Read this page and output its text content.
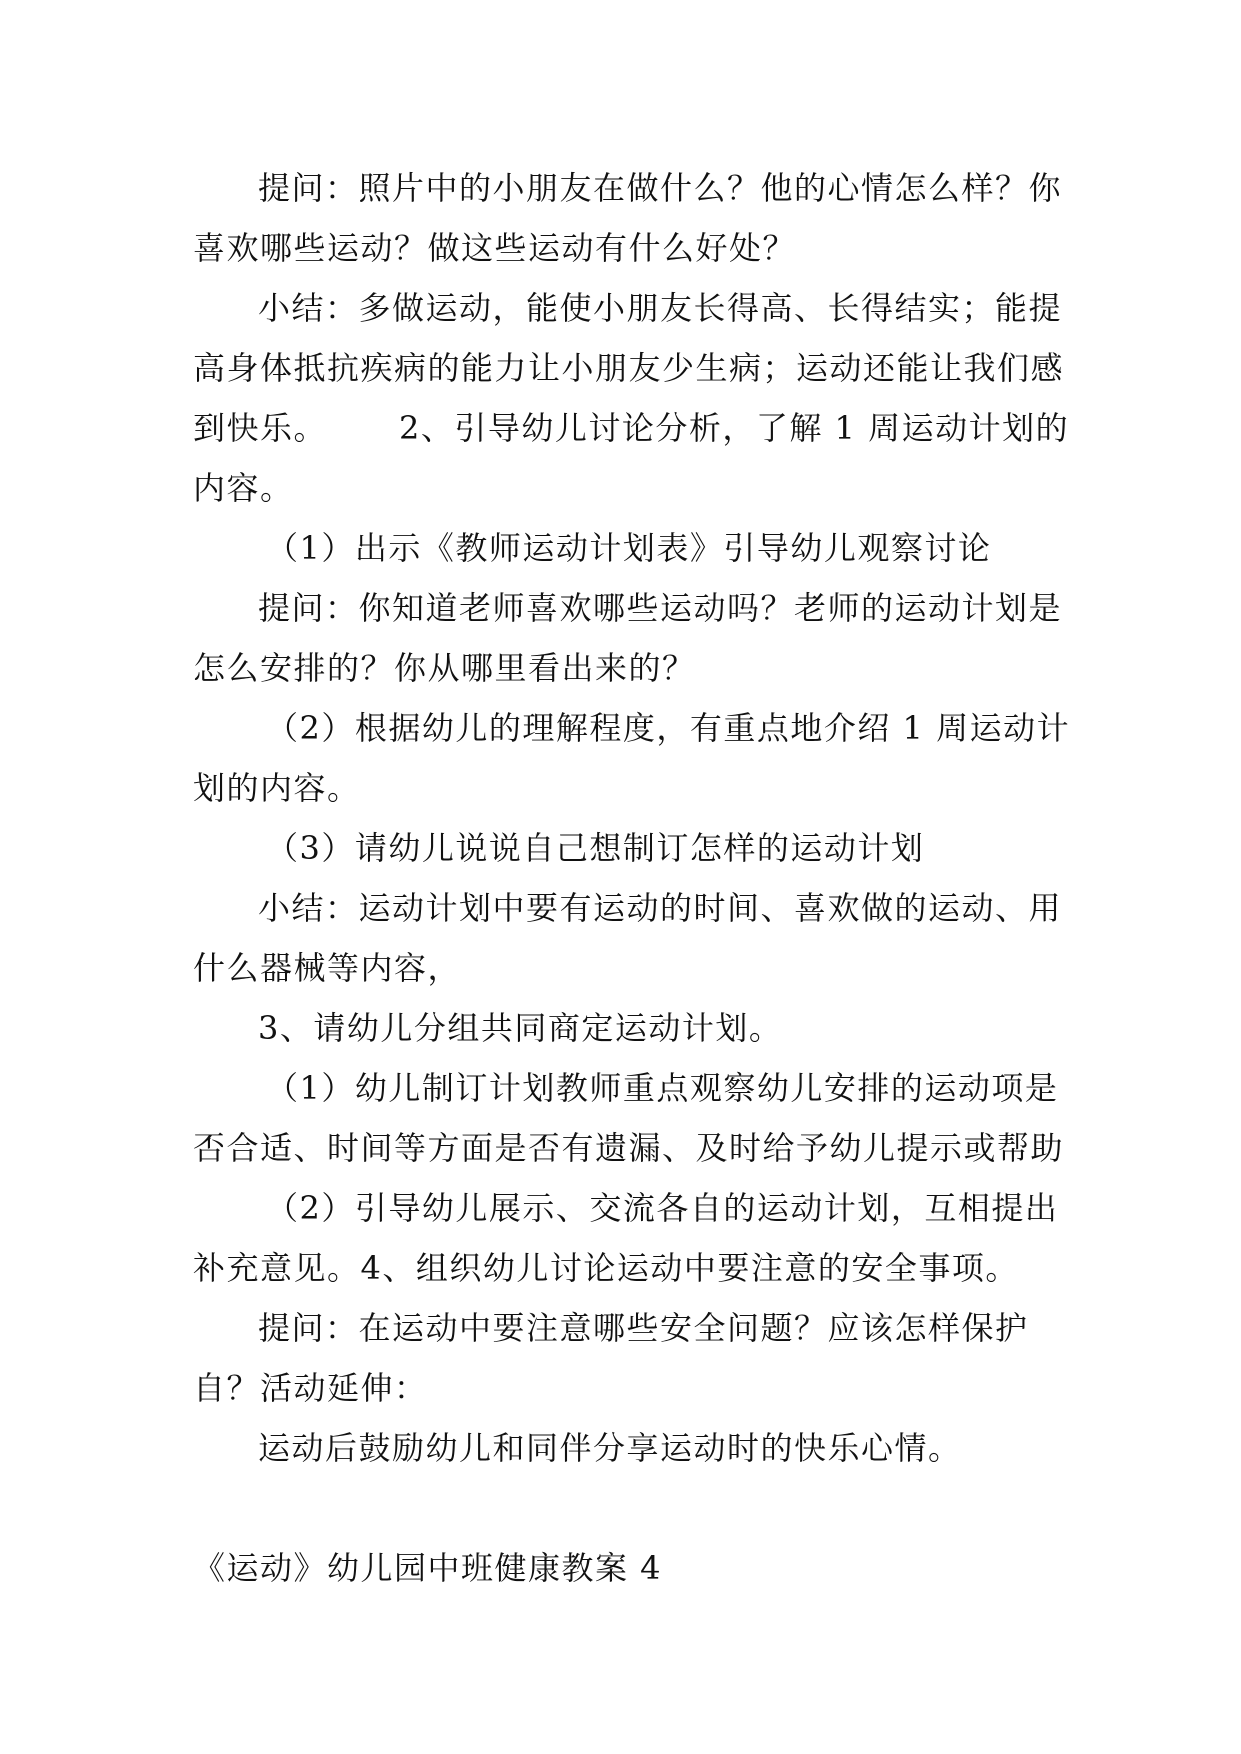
提问：照片中的小朋友在做什么？他的心情怎么样？你
喜欢哪些运动？做这些运动有什么好处？
小结：多做运动，能使小朋友长得高、长得结实；能提
高身体抵抗疾病的能力让小朋友少生病；运动还能让我们感
到快乐。 2、引导幼儿讨论分析，了解 1 周运动计划的
内容。
（1）出示《教师运动计划表》引导幼儿观察讨论
提问：你知道老师喜欢哪些运动吗？老师的运动计划是
怎么安排的？你从哪里看出来的？
（2）根据幼儿的理解程度，有重点地介绍 1 周运动计
划的内容。
（3）请幼儿说说自己想制订怎样的运动计划
小结：运动计划中要有运动的时间、喜欢做的运动、用
什么器械等内容，
3、请幼儿分组共同商定运动计划。
（1）幼儿制订计划教师重点观察幼儿安排的运动项是
否合适、时间等方面是否有遗漏、及时给予幼儿提示或帮助
（2）引导幼儿展示、交流各自的运动计划，互相提出
补充意见。4、组织幼儿讨论运动中要注意的安全事项。
提问：在运动中要注意哪些安全问题？应该怎样保护
自？活动延伸：
运动后鼓励幼儿和同伴分享运动时的快乐心情。
《运动》幼儿园中班健康教案 4
